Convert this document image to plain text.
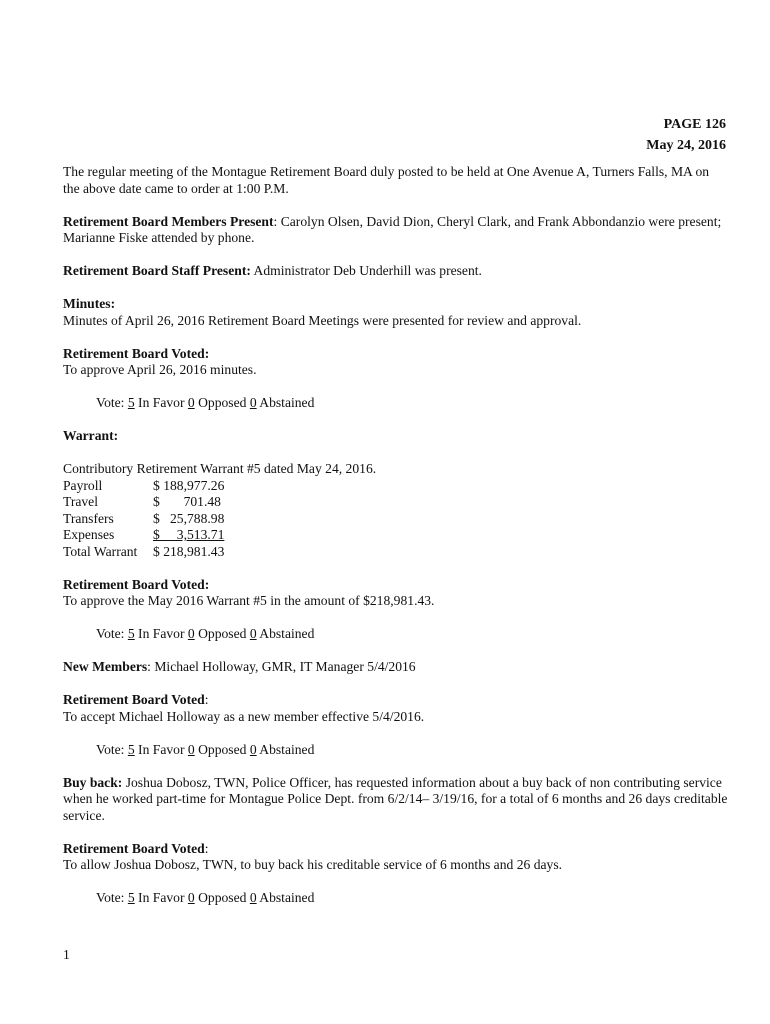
PAGE 126
May 24, 2016

The regular meeting of the Montague Retirement Board duly posted to be held at One Avenue A, Turners Falls, MA on the above date came to order at 1:00 P.M.

Retirement Board Members Present: Carolyn Olsen, David Dion, Cheryl Clark, and Frank Abbondanzio were present; Marianne Fiske attended by phone.

Retirement Board Staff Present: Administrator Deb Underhill was present.

Minutes:
Minutes of April 26, 2016 Retirement Board Meetings were presented for review and approval.
Retirement Board Voted:
To approve April 26, 2016 minutes.
Vote: 5 In Favor 0 Opposed 0 Abstained
Warrant:
Contributory Retirement Warrant #5 dated May 24, 2016.
Payroll	$ 188,977.26
Travel	$       701.48
Transfers	$   25,788.98
Expenses	$     3,513.71
Total Warrant	$ 218,981.43
Retirement Board Voted:
To approve the May 2016 Warrant #5 in the amount of $218,981.43.
Vote: 5 In Favor 0 Opposed 0 Abstained

New Members: Michael Holloway, GMR, IT Manager 5/4/2016

Retirement Board Voted:
To accept Michael Holloway as a new member effective 5/4/2016.
Vote: 5 In Favor 0 Opposed 0 Abstained

Buy back: Joshua Dobosz, TWN, Police Officer, has requested information about a buy back of non contributing service when he worked part-time for Montague Police Dept. from 6/2/14– 3/19/16, for a total of 6 months and 26 days creditable service.

Retirement Board Voted:
To allow Joshua Dobosz, TWN, to buy back his creditable service of 6 months and 26 days.
Vote: 5 In Favor 0 Opposed 0 Abstained
1
